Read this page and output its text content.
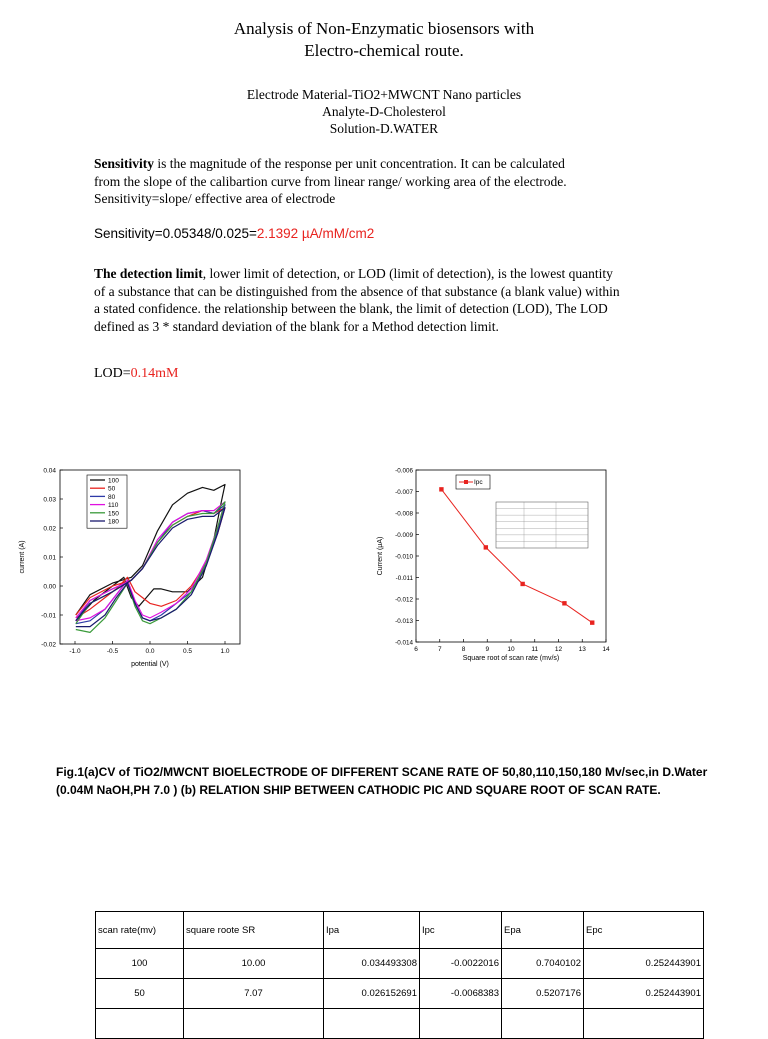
Analysis of Non-Enzymatic biosensors with
Electro-chemical route.
Electrode Material-TiO2+MWCNT Nano particles
Analyte-D-Cholesterol
Solution-D.WATER
Sensitivity is the magnitude of the response per unit concentration. It can be calculated
from the slope of the calibartion curve from linear range/ working area of the electrode.
Sensitivity=slope/ effective area of electrode
Sensitivity=0.05348/0.025=2.1392 µA/mM/cm2
The detection limit, lower limit of detection, or LOD (limit of detection), is the lowest quantity
of a substance that can be distinguished from the absence of that substance (a blank value) within
a stated confidence. the relationship between the blank, the limit of detection (LOD), The LOD
defined as 3 * standard deviation of the blank for a Method detection limit.
LOD=0.14mM
-0.02
-0.01
0.00
0.01
0.02
0.03
0.04
-1.0	-0.5	0.0	0.5	1.0
100
50
80
110
150
180
potential (V)
current (A)
-0.006
-0.007
-0.008
-0.009
-0.010
-0.011
-0.012
-0.013
-0.014
6	7	8	9	10	11	12	13	14
Ipc
Square root of scan rate (mv/s)
Current (μA)
Fig.1(a)CV of TiO2/MWCNT BIOELECTRODE OF DIFFERENT SCANE RATE OF 50,80,110,150,180 Mv/sec,in D.Water
(0.04M NaOH,PH 7.0 ) (b) RELATION SHIP BETWEEN CATHODIC PIC AND SQUARE ROOT OF SCAN RATE.
scan rate(mv)	square roote SR	Ipa	Ipc	Epa	Epc
100	10.00	0.034493308	-0.0022016	0.7040102	0.252443901
50	7.07	0.026152691	-0.0068383	0.5207176	0.252443901
